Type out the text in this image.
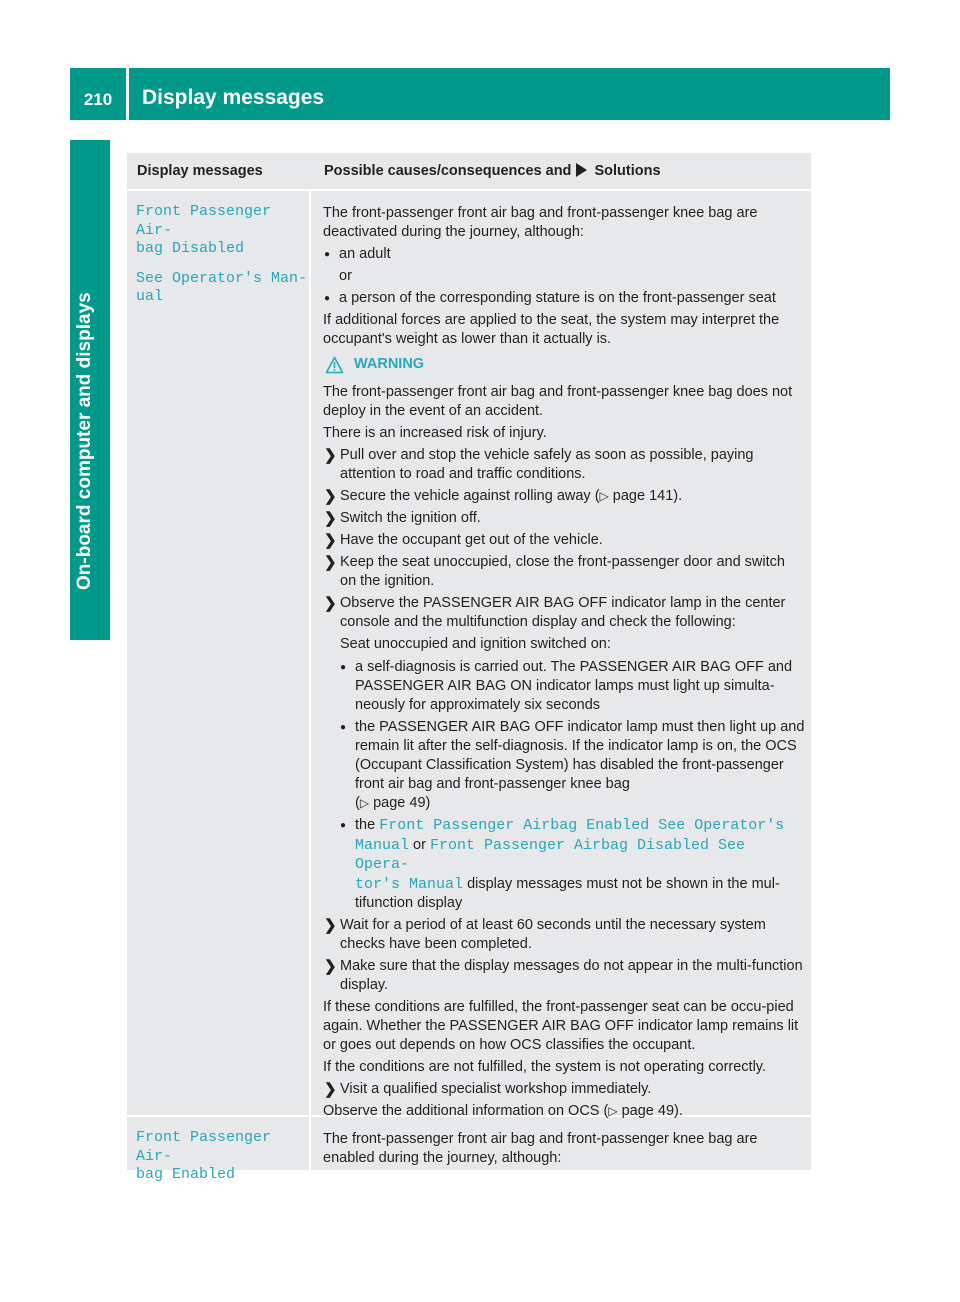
210	Display messages
On-board computer and displays
Display messages	Possible causes/consequences and Solutions
Front Passenger Air‐
bag Disabled
See Operator's Man‐
ual

The front-passenger front air bag and front-passenger knee bag are deactivated during the journey, although:

● an adult
or
● a person of the corresponding stature is on the front-passenger seat

If additional forces are applied to the seat, the system may interpret the occupant's weight as lower than it actually is.

WARNING

The front-passenger front air bag and front-passenger knee bag does not deploy in the event of an accident.

There is an increased risk of injury.

❯ Pull over and stop the vehicle safely as soon as possible, paying attention to road and traffic conditions.
❯ Secure the vehicle against rolling away (▷ page 141).
❯ Switch the ignition off.
❯ Have the occupant get out of the vehicle.
❯ Keep the seat unoccupied, close the front-passenger door and switch on the ignition.
❯ Observe the PASSENGER AIR BAG OFF indicator lamp in the center console and the multifunction display and check the following:
Seat unoccupied and ignition switched on:
● a self-diagnosis is carried out. The PASSENGER AIR BAG OFF and PASSENGER AIR BAG ON indicator lamps must light up simulta-neously for approximately six seconds
● the PASSENGER AIR BAG OFF indicator lamp must then light up and remain lit after the self-diagnosis. If the indicator lamp is on, the OCS (Occupant Classification System) has disabled the front-passenger front air bag and front-passenger knee bag
(▷ page 49)
● the Front Passenger Airbag Enabled See Operator's
Manual or Front Passenger Airbag Disabled See Opera‐
tor's Manual display messages must not be shown in the mul-tifunction display
❯ Wait for a period of at least 60 seconds until the necessary system checks have been completed.
❯ Make sure that the display messages do not appear in the multi-function display.

If these conditions are fulfilled, the front-passenger seat can be occu-pied again. Whether the PASSENGER AIR BAG OFF indicator lamp remains lit or goes out depends on how OCS classifies the occupant.

If the conditions are not fulfilled, the system is not operating correctly.

❯ Visit a qualified specialist workshop immediately.

Observe the additional information on OCS (▷ page 49).

Front Passenger Air‐
bag Enabled

The front-passenger front air bag and front-passenger knee bag are enabled during the journey, although:
